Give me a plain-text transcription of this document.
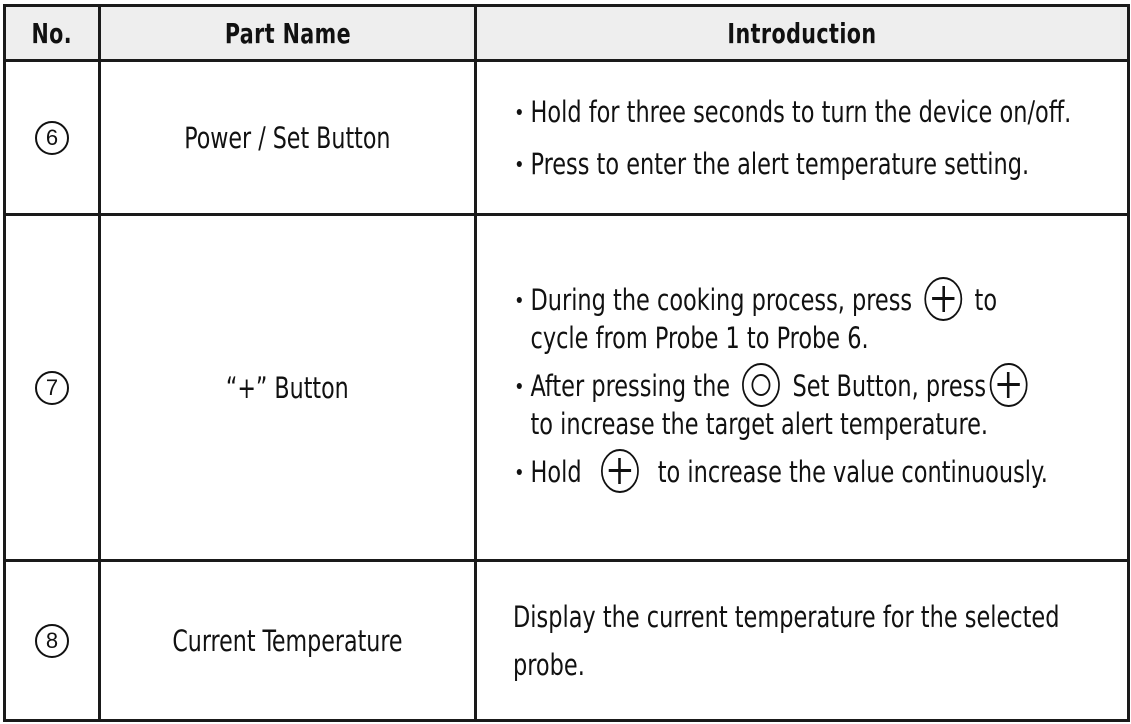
No.	Part Name	Introduction
6	Power / Set Button	Hold for three seconds to turn the device on/off.
Press to enter the alert temperature setting.

7	“+” Button	During the cooking process, press to
cycle from Probe 1 to Probe 6.
After pressing the Set Button, press
to increase the target alert temperature.
Hold to increase the value continuously.

8	Current Temperature	Display the current temperature for the selected
probe.
